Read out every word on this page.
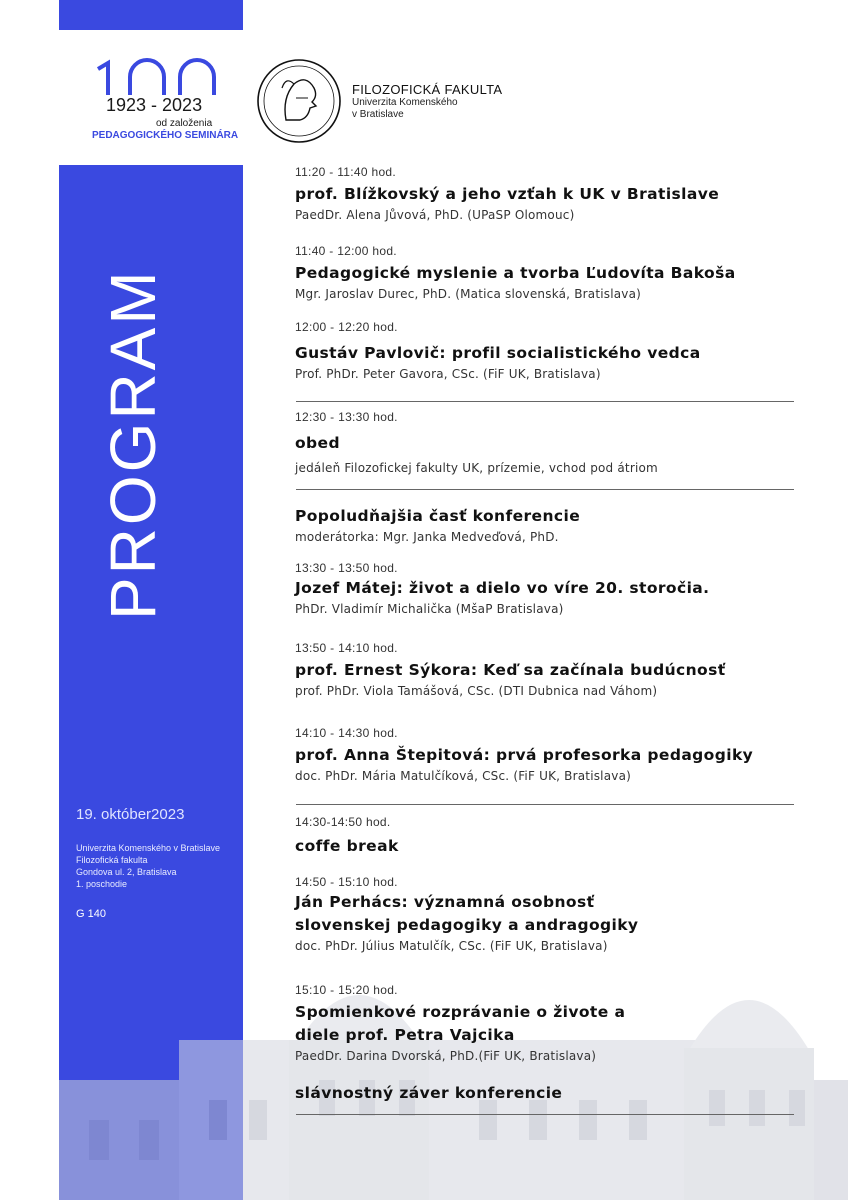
1923 - 2023
od založenia
PEDAGOGICKÉHO SEMINÁRA
FILOZOFICKÁ FAKULTA
Univerzita Komenského
v Bratislave
PROGRAM
19. október2023
Univerzita Komenského v Bratislave
Filozofická fakulta
Gondova ul. 2, Bratislava
1. poschodie
G 140
11:20 - 11:40 hod.
prof. Blížkovský a jeho vzťah k UK v Bratislave
PaedDr. Alena Jůvová, PhD. (UPaSP Olomouc)
11:40 - 12:00 hod.
Pedagogické myslenie a tvorba Ľudovíta Bakoša
Mgr. Jaroslav Durec, PhD. (Matica slovenská, Bratislava)
12:00 - 12:20 hod.
Gustáv Pavlovič: profil socialistického vedca
Prof. PhDr. Peter Gavora, CSc. (FiF UK, Bratislava)
12:30 - 13:30 hod.
obed
jedáleň Filozofickej fakulty UK, prízemie, vchod pod átriom
Popoludňajšia časť konferencie
moderátorka: Mgr. Janka Medveďová, PhD.
13:30 - 13:50 hod.
Jozef Mátej: život a dielo vo víre 20. storočia.
PhDr. Vladimír Michalička (MšaP Bratislava)
13:50 - 14:10 hod.
prof. Ernest Sýkora: Keď sa začínala budúcnosť
prof. PhDr. Viola Tamášová, CSc. (DTI Dubnica nad Váhom)
14:10 - 14:30 hod.
prof. Anna Štepitová: prvá profesorka pedagogiky
doc. PhDr. Mária Matulčíková, CSc. (FiF UK, Bratislava)
14:30-14:50 hod.
coffe break
14:50 - 15:10 hod.
Ján Perhács: významná osobnosť slovenskej pedagogiky a andragogiky
doc. PhDr. Július Matulčík, CSc. (FiF UK, Bratislava)
15:10 - 15:20 hod.
Spomienkové rozprávanie o živote a diele prof. Petra Vajcika
PaedDr. Darina Dvorská, PhD.(FiF UK, Bratislava)
slávnostný záver konferencie
